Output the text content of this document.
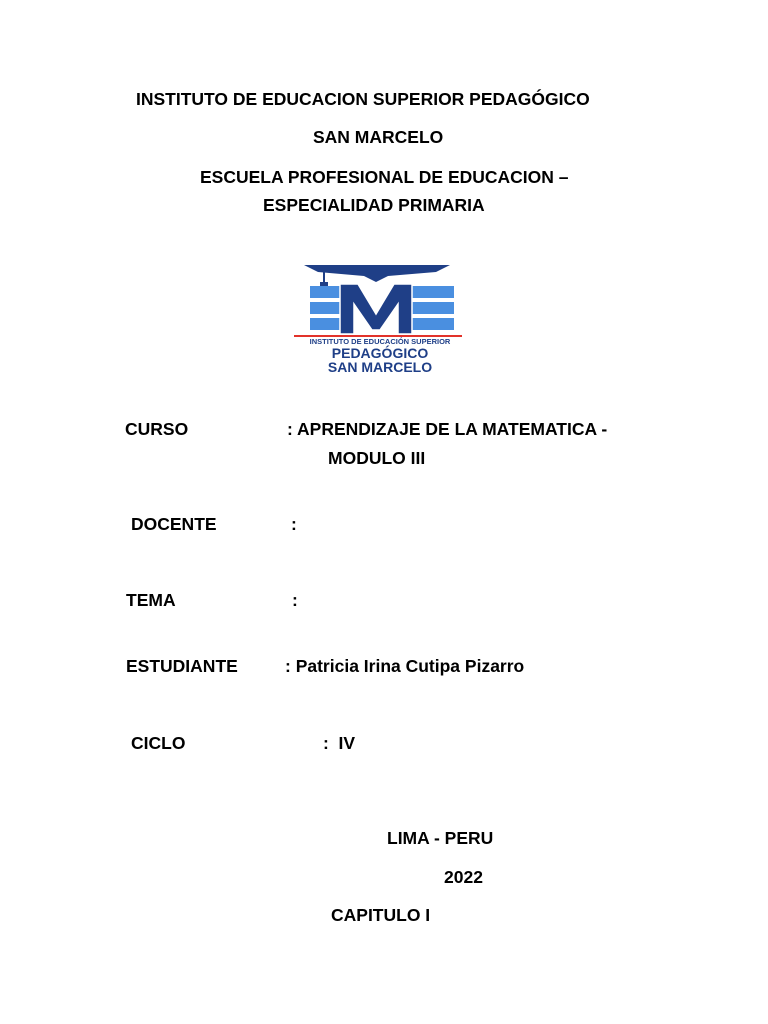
INSTITUTO DE EDUCACION SUPERIOR PEDAGÓGICO
SAN MARCELO
ESCUELA PROFESIONAL DE EDUCACION –
ESPECIALIDAD PRIMARIA
INSTITUTO DE EDUCACIÓN SUPERIOR
PEDAGÓGICO
SAN MARCELO
CURSO	: APRENDIZAJE DE LA MATEMATICA -
MODULO III
DOCENTE	:
TEMA	:
ESTUDIANTE	: Patricia Irina Cutipa Pizarro
CICLO	:  IV
LIMA - PERU
2022
CAPITULO I
